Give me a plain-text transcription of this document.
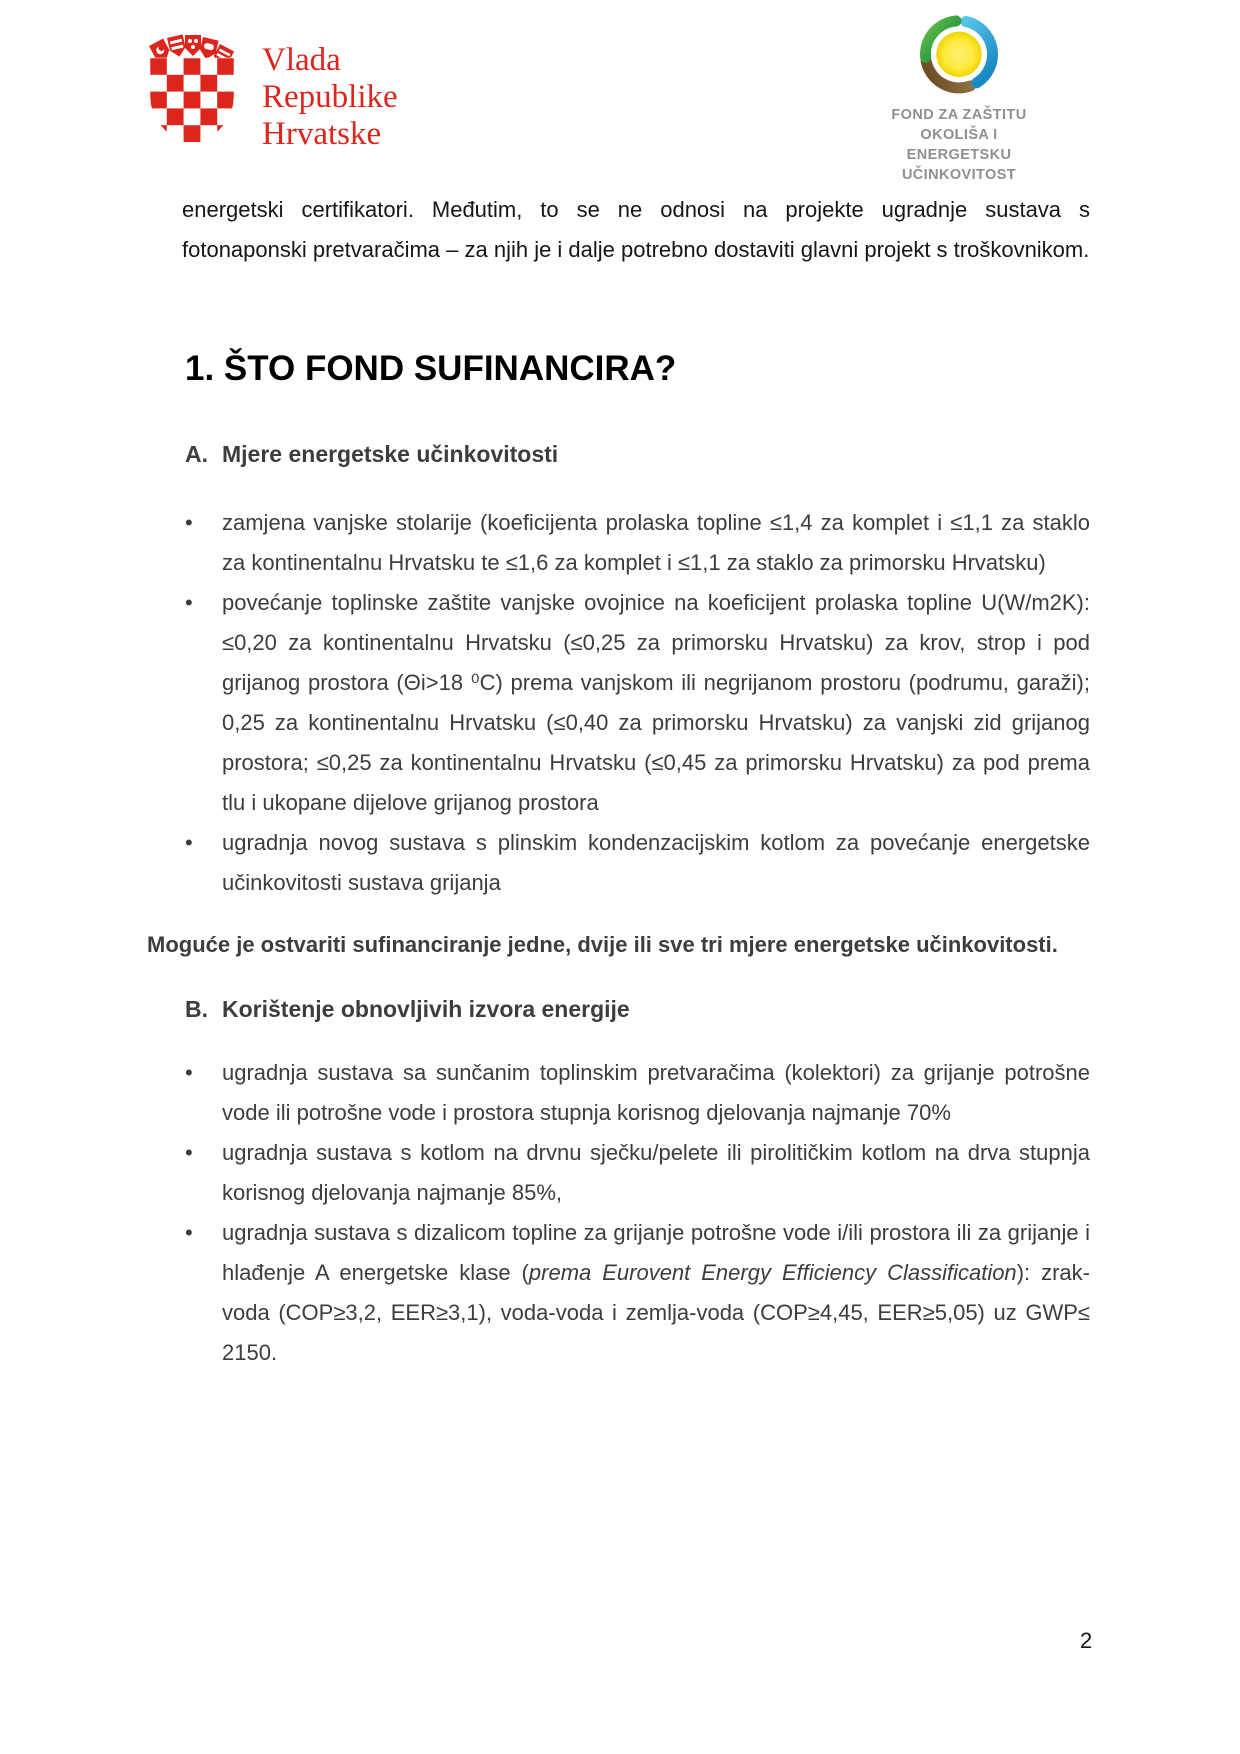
Vlada
Republike
Hrvatske
FOND ZA ZAŠTITU OKOLIŠA I
ENERGETSKU UČINKOVITOST

energetski certifikatori. Međutim, to se ne odnosi na projekte ugradnje sustava s fotonaponski pretvaračima – za njih je i dalje potrebno dostaviti glavni projekt s troškovnikom.

1. ŠTO FOND SUFINANCIRA?
A. Mjere energetske učinkovitosti
•	zamjena vanjske stolarije (koeficijenta prolaska topline ≤1,4 za komplet i ≤1,1 za staklo za kontinentalnu Hrvatsku te ≤1,6 za komplet i ≤1,1 za staklo za primorsku Hrvatsku)

•	povećanje toplinske zaštite vanjske ovojnice na koeficijent prolaska topline U(W/m2K): ≤0,20 za kontinentalnu Hrvatsku (≤0,25 za primorsku Hrvatsku) za krov, strop i pod grijanog prostora (Θi>18 ⁰C) prema vanjskom ili negrijanom prostoru (podrumu, garaži); 0,25 za kontinentalnu Hrvatsku (≤0,40 za primorsku Hrvatsku) za vanjski zid grijanog prostora; ≤0,25 za kontinentalnu Hrvatsku (≤0,45 za primorsku Hrvatsku) za pod prema tlu i ukopane dijelove grijanog prostora

•	ugradnja novog sustava s plinskim kondenzacijskim kotlom za povećanje energetske učinkovitosti sustava grijanja

Moguće je ostvariti sufinanciranje jedne, dvije ili sve tri mjere energetske učinkovitosti.

B. Korištenje obnovljivih izvora energije
•	ugradnja sustava sa sunčanim toplinskim pretvaračima (kolektori) za grijanje potrošne vode ili potrošne vode i prostora stupnja korisnog djelovanja najmanje 70%

•	ugradnja sustava s kotlom na drvnu sječku/pelete ili pirolitičkim kotlom na drva stupnja korisnog djelovanja najmanje 85%,

•	ugradnja sustava s dizalicom topline za grijanje potrošne vode i/ili prostora ili za grijanje i hlađenje A energetske klase (prema Eurovent Energy Efficiency Classification): zrak-voda (COP≥3,2, EER≥3,1), voda-voda i zemlja-voda (COP≥4,45, EER≥5,05) uz GWP≤ 2150.

2
